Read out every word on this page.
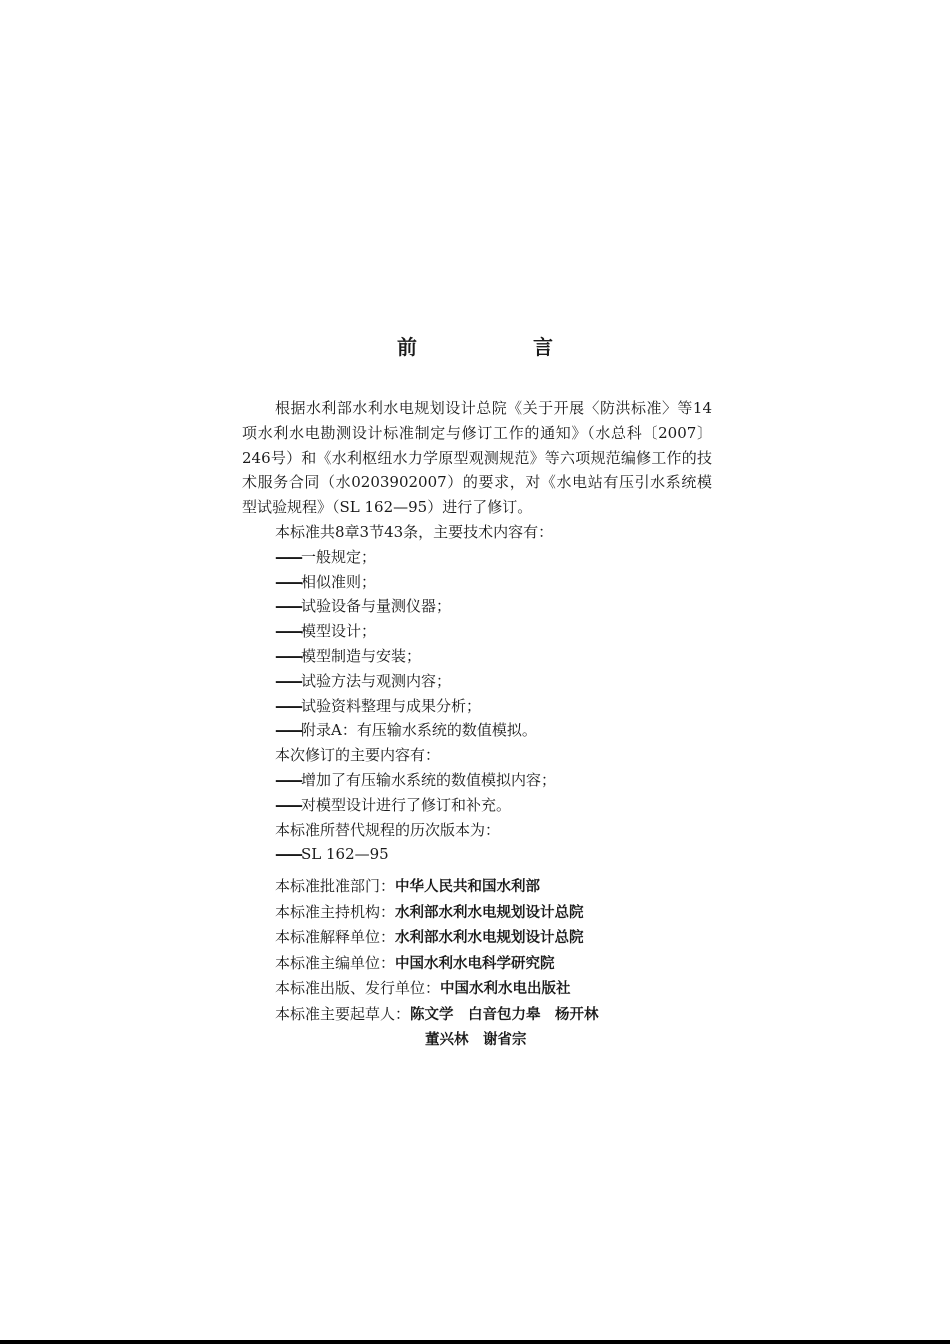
前　言

根据水利部水利水电规划设计总院《关于开展〈防洪标准〉等14项水利水电勘测设计标准制定与修订工作的通知》（水总科〔2007〕246号）和《水利枢纽水力学原型观测规范》等六项规范编修工作的技术服务合同（水0203902007）的要求，对《水电站有压引水系统模型试验规程》（SL 162—95）进行了修订。

本标准共8章3节43条，主要技术内容有：

——一般规定；

——相似准则；

——试验设备与量测仪器；

——模型设计；

——模型制造与安装；

——试验方法与观测内容；

——试验资料整理与成果分析；

——附录A：有压输水系统的数值模拟。

本次修订的主要内容有：

——增加了有压输水系统的数值模拟内容；

——对模型设计进行了修订和补充。

本标准所替代规程的历次版本为：

——SL 162—95

本标准批准部门：中华人民共和国水利部

本标准主持机构：水利部水利水电规划设计总院

本标准解释单位：水利部水利水电规划设计总院

本标准主编单位：中国水利水电科学研究院

本标准出版、发行单位：中国水利水电出版社

本标准主要起草人：陈文学　白音包力皋　杨开林

董兴林　谢省宗
